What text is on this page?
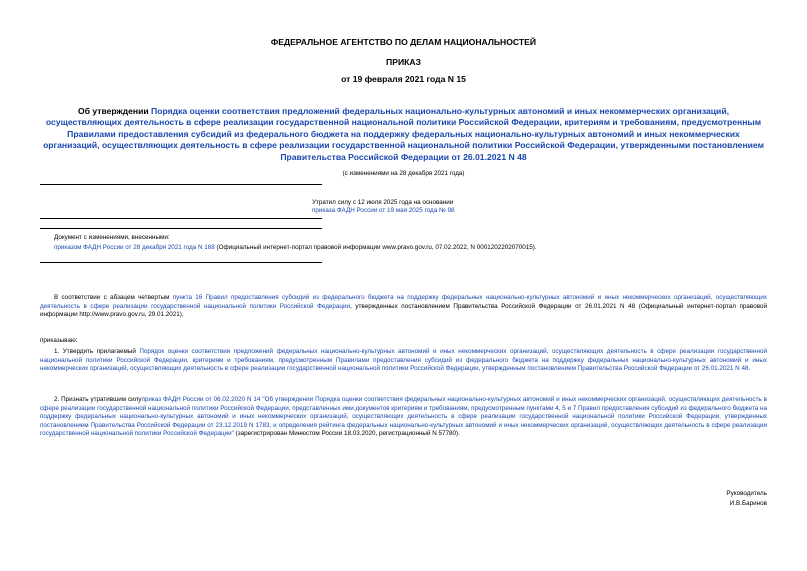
ФЕДЕРАЛЬНОЕ АГЕНТСТВО ПО ДЕЛАМ НАЦИОНАЛЬНОСТЕЙ
ПРИКАЗ
от 19 февраля 2021 года N 15
Об утверждении Порядка оценки соответствия предложений федеральных национально-культурных автономий и иных некоммерческих организаций, осуществляющих деятельность в сфере реализации государственной национальной политики Российской Федерации, критериям и требованиям, предусмотренным Правилами предоставления субсидий из федерального бюджета на поддержку федеральных национально-культурных автономий и иных некоммерческих организаций, осуществляющих деятельность в сфере реализации государственной национальной политики Российской Федерации, утвержденными постановлением Правительства Российской Федерации от 26.01.2021 N 48
(с изменениями на 28 декабря 2021 года)
Утратил силу с 12 июля 2025 года на основании
приказа ФАДН России от 19 мая 2025 года № 98
Документ с изменениями, внесенными:
приказом ФАДН России от 28 декабря 2021 года N 168 (Официальный интернет-портал правовой информации www.pravo.gov.ru, 07.02.2022, N 0001202202070015).
В соответствии с абзацем четвертым пункта 16 Правил предоставления субсидий из федерального бюджета на поддержку федеральных национально-культурных автономий и иных некоммерческих организаций, осуществляющих деятельность в сфере реализации государственной национальной политики Российской Федерации, утвержденных постановлением Правительства Российской Федерации от 26.01.2021 N 48 (Официальный интернет-портал правовой информации http://www.pravo.gov.ru, 29.01.2021),
приказываю:
1. Утвердить прилагаемый Порядок оценки соответствия предложений федеральных национально-культурных автономий и иных некоммерческих организаций, осуществляющих деятельность в сфере реализации государственной национальной политики Российской Федерации, критериям и требованиям, предусмотренным Правилами предоставления субсидий из федерального бюджета на поддержку федеральных национально-культурных автономий и иных некоммерческих организаций, осуществляющих деятельность в сфере реализации государственной национальной политики Российской Федерации, утвержденным постановлением Правительства Российской Федерации от 26.01.2021 N 48.
2. Признать утратившим силуприказ ФАДН России от 06.02.2020 N 14 "Об утверждении Порядка оценки соответствия федеральных национально-культурных автономий и иных некоммерческих организаций, осуществляющих деятельность в сфере реализации государственной национальной политики Российской Федерации, представленных ими документов критериям и требованиям, предусмотренным пунктами 4, 5 и 7 Правил предоставления субсидий из федерального бюджета на поддержку федеральных национально-культурных автономий и иных некоммерческих организаций, осуществляющих деятельность в сфере реализации государственной национальной политики Российской Федерации, утвержденных постановлением Правительства Российской Федерации от 23.12.2019 N 1783, и определения рейтинга федеральных национально-культурных автономий и иных некоммерческих организаций, осуществляющих деятельность в сфере реализации государственной национальной политики Российской Федерации" (зарегистрирован Минюстом России 18.03.2020, регистрационный N 57780).
Руководитель
И.В.Баринов
